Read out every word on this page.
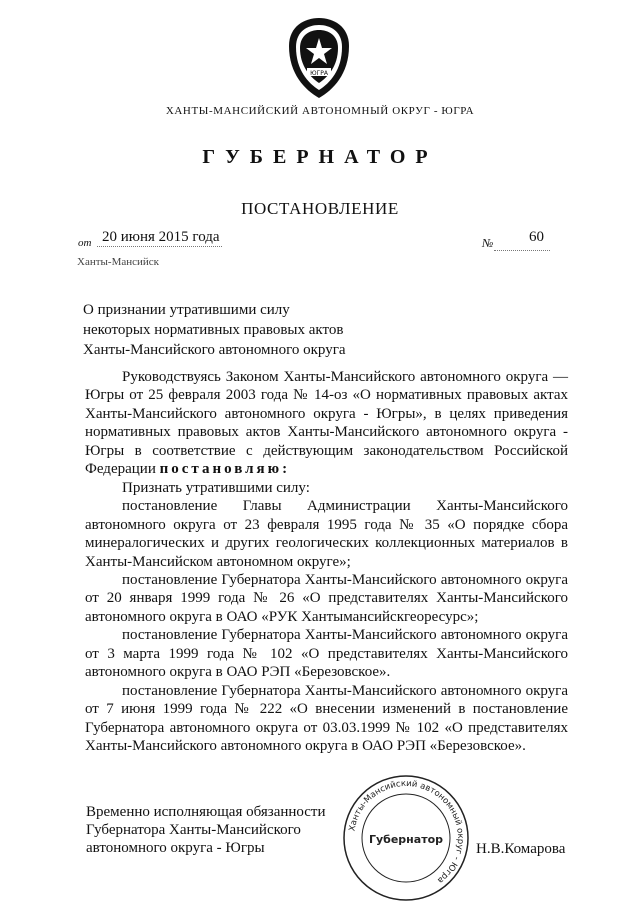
ЮГРА
ХАНТЫ-МАНСИЙСКИЙ АВТОНОМНЫЙ ОКРУГ - ЮГРА
ГУБЕРНАТОР
ПОСТАНОВЛЕНИЕ
от 20 июня 2015 года	№ 60
Ханты-Мансийск
О признании утратившими силу
некоторых нормативных правовых актов
Ханты-Мансийского автономного округа

Руководствуясь Законом Ханты-Мансийского автономного округа — Югры от 25 февраля 2003 года № 14-оз «О нормативных правовых актах Ханты-Мансийского автономного округа - Югры», в целях приведения нормативных правовых актов Ханты-Мансийского автономного округа - Югры в соответствие с действующим законодательством Российской Федерации постановляю:

Признать утратившими силу:

постановление Главы Администрации Ханты-Мансийского автономного округа от 23 февраля 1995 года № 35 «О порядке сбора минералогических и других геологических коллекционных материалов в Ханты-Мансийском автономном округе»;

постановление Губернатора Ханты-Мансийского автономного округа от 20 января 1999 года № 26 «О представителях Ханты-Мансийского автономного округа в ОАО «РУК Хантымансийскгеоресурс»;

постановление Губернатора Ханты-Мансийского автономного округа от 3 марта 1999 года № 102 «О представителях Ханты-Мансийского автономного округа в ОАО РЭП «Березовское».

постановление Губернатора Ханты-Мансийского автономного округа от 7 июня 1999 года № 222 «О внесении изменений в постановление Губернатора автономного округа от 03.03.1999 № 102 «О представителях Ханты-Мансийского автономного округа в ОАО РЭП «Березовское».

Временно исполняющая обязанности
Губернатора Ханты-Мансийского
автономного округа - Югры
Ханты-Мансийский автономный округ - Югра
Губернатор
Н.В.Комарова
